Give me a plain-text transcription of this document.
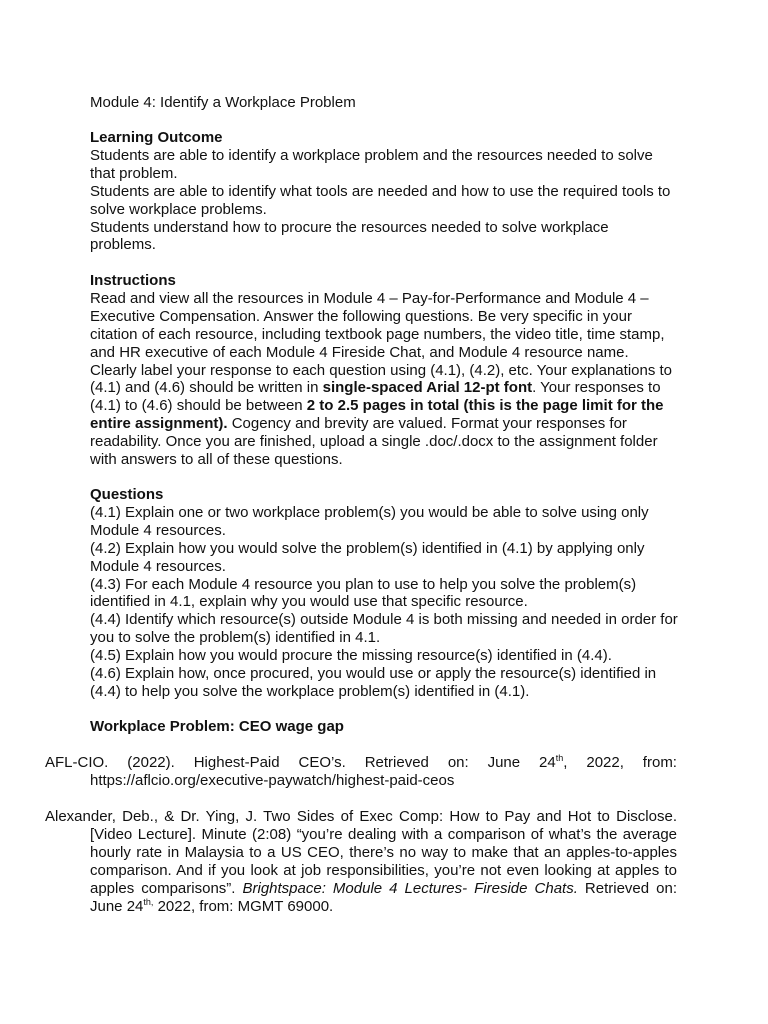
Module 4: Identify a Workplace Problem

Learning Outcome

Students are able to identify a workplace problem and the resources needed to solve that problem.

Students are able to identify what tools are needed and how to use the required tools to solve workplace problems.

Students understand how to procure the resources needed to solve workplace problems.

Instructions

Read and view all the resources in Module 4 – Pay-for-Performance and Module 4 – Executive Compensation. Answer the following questions. Be very specific in your citation of each resource, including textbook page numbers, the video title, time stamp, and HR executive of each Module 4 Fireside Chat, and Module 4 resource name. Clearly label your response to each question using (4.1), (4.2), etc. Your explanations to (4.1) and (4.6) should be written in single-spaced Arial 12-pt font. Your responses to (4.1) to (4.6) should be between 2 to 2.5 pages in total (this is the page limit for the entire assignment). Cogency and brevity are valued. Format your responses for readability. Once you are finished, upload a single .doc/.docx to the assignment folder with answers to all of these questions.

Questions

(4.1) Explain one or two workplace problem(s) you would be able to solve using only Module 4 resources.

(4.2) Explain how you would solve the problem(s) identified in (4.1) by applying only Module 4 resources.

(4.3) For each Module 4 resource you plan to use to help you solve the problem(s) identified in 4.1, explain why you would use that specific resource.

(4.4) Identify which resource(s) outside Module 4 is both missing and needed in order for you to solve the problem(s) identified in 4.1.

(4.5) Explain how you would procure the missing resource(s) identified in (4.4).

(4.6) Explain how, once procured, you would use or apply the resource(s) identified in (4.4) to help you solve the workplace problem(s) identified in (4.1).

Workplace Problem: CEO wage gap

AFL-CIO. (2022). Highest-Paid CEO’s. Retrieved on: June 24th, 2022, from: https://aflcio.org/executive-paywatch/highest-paid-ceos

Alexander, Deb., & Dr. Ying, J. Two Sides of Exec Comp: How to Pay and Hot to Disclose. [Video Lecture]. Minute (2:08) “you’re dealing with a comparison of what’s the average hourly rate in Malaysia to a US CEO, there’s no way to make that an apples-to-apples comparison. And if you look at job responsibilities, you’re not even looking at apples to apples comparisons”. Brightspace: Module 4 Lectures- Fireside Chats. Retrieved on: June $24^{th,}$ 2022, from: MGMT 69000.
